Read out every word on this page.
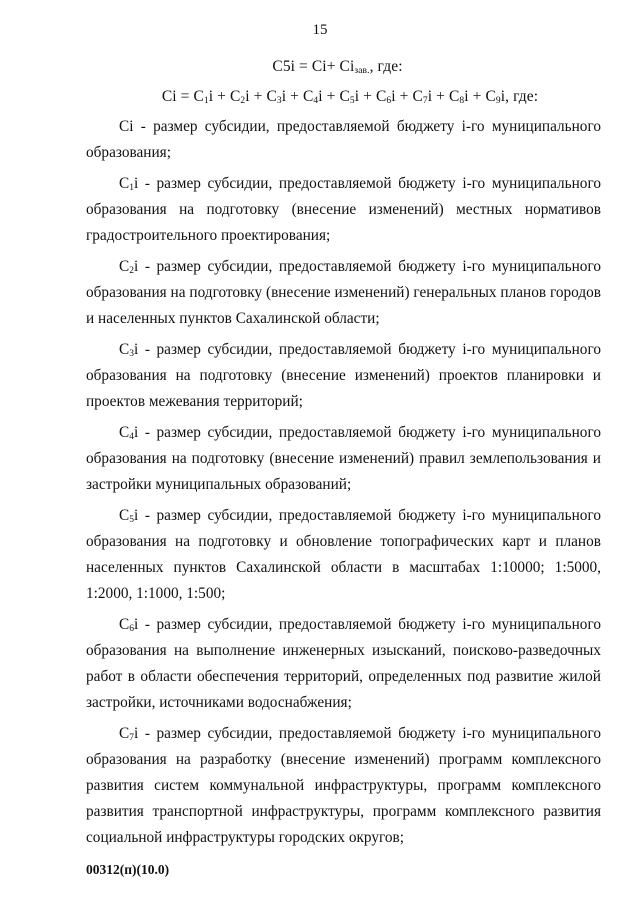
15
$C5i = Ci+ Ci_{зав.}$, где:
$Ci = C_1i + C_2i + C_3i + C_4i + C_5i + C_6i + C_7i + C_8i + C_9i$, где:

Ci - размер субсидии, предоставляемой бюджету i-го муниципального образования;

$C_1i$ - размер субсидии, предоставляемой бюджету i-го муниципального образования на подготовку (внесение изменений) местных нормативов градостроительного проектирования;

$C_2i$ - размер субсидии, предоставляемой бюджету i-го муниципального образования на подготовку (внесение изменений) генеральных планов городов и населенных пунктов Сахалинской области;

$C_3i$ - размер субсидии, предоставляемой бюджету i-го муниципального образования на подготовку (внесение изменений) проектов планировки и проектов межевания территорий;

$C_4i$ - размер субсидии, предоставляемой бюджету i-го муниципального образования на подготовку (внесение изменений) правил землепользования и застройки муниципальных образований;

$C_5i$ - размер субсидии, предоставляемой бюджету i-го муниципального образования на подготовку и обновление топографических карт и планов населенных пунктов Сахалинской области в масштабах 1:10000; 1:5000, 1:2000, 1:1000, 1:500;

$C_6i$ - размер субсидии, предоставляемой бюджету i-го муниципального образования на выполнение инженерных изысканий, поисково-разведочных работ в области обеспечения территорий, определенных под развитие жилой застройки, источниками водоснабжения;

$C_7i$ - размер субсидии, предоставляемой бюджету i-го муниципального образования на разработку (внесение изменений) программ комплексного развития систем коммунальной инфраструктуры, программ комплексного развития транспортной инфраструктуры, программ комплексного развития социальной инфраструктуры городских округов;

00312(п)(10.0)
